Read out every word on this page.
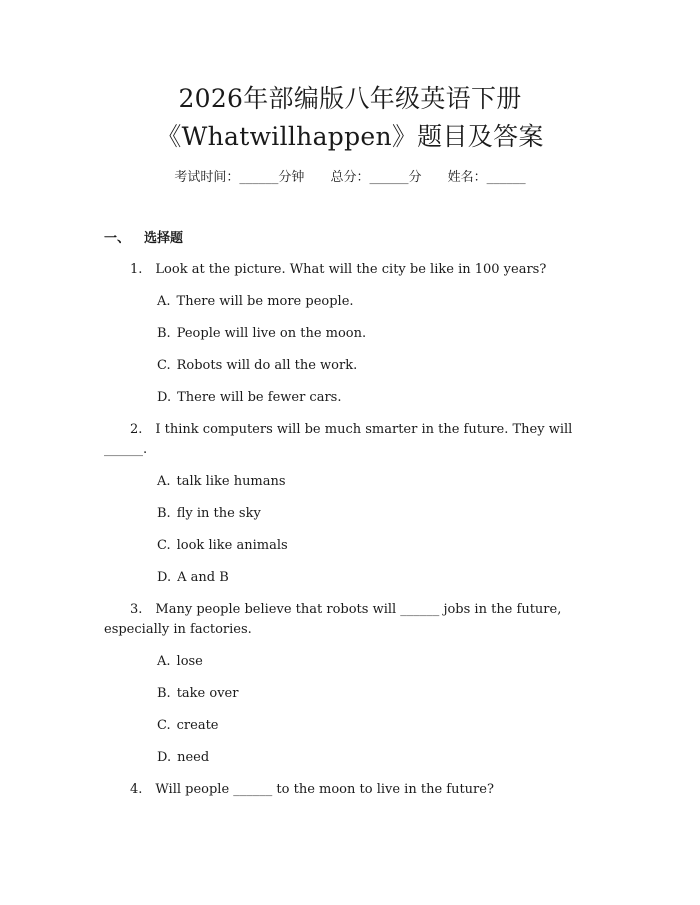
2026年部编版八年级英语下册
《Whatwillhappen》题目及答案
考试时间：______分钟 总分：______分 姓名：______
一、 选择题
1. Look at the picture. What will the city be like in 100 years?
A. There will be more people.
B. People will live on the moon.
C. Robots will do all the work.
D. There will be fewer cars.
2. I think computers will be much smarter in the future. They will ______.
A. talk like humans
B. fly in the sky
C. look like animals
D. A and B
3. Many people believe that robots will ______ jobs in the future, especially in factories.
A. lose
B. take over
C. create
D. need
4. Will people ______ to the moon to live in the future?
